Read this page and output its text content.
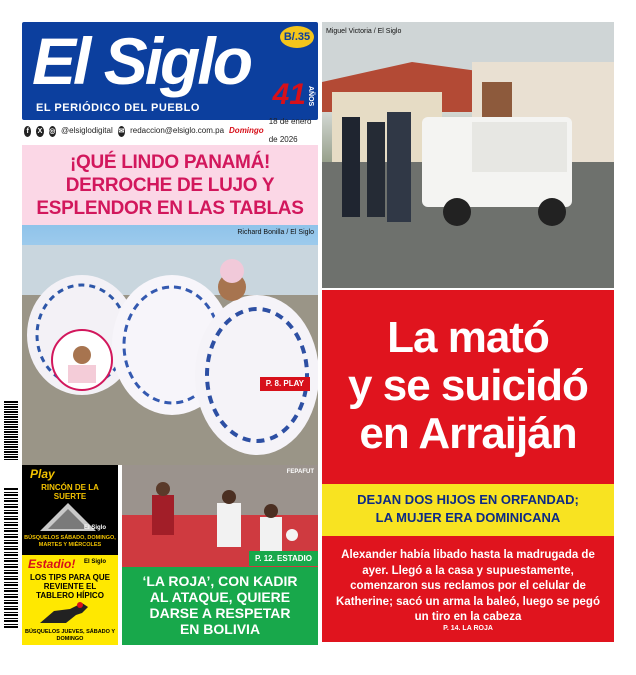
El Siglo	B/.35
41 AÑOS
EL PERIÓDICO DEL PUEBLO
f	X ◎ @elsiglodigital ✉ redaccion@elsiglo.com.pa Domingo
18 de enero de 2026
¡QUÉ LINDO PANAMÁ!
DERROCHE DE LUJO Y
ESPLENDOR EN LAS TABLAS
Richard Bonilla / El Siglo
P. 8. PLAY
Miguel Victoria / El Siglo
La mató
y se suicidó
en Arraiján
DEJAN DOS HIJOS EN ORFANDAD;
LA MUJER ERA DOMINICANA
Alexander había libado hasta la madrugada de ayer. Llegó a la casa y supuestamente, comenzaron sus reclamos por el celular de Katherine; sacó un arma la baleó, luego se pegó un tiro en la cabeza
P. 14. LA ROJA
Play
RINCÓN DE LA SUERTE
El Siglo
BÚSQUELOS SÁBADO, DOMINGO, MARTES Y MIÉRCOLES
Estadio! El Siglo
LOS TIPS PARA QUE REVIENTE EL TABLERO HÍPICO
BÚSQUELOS JUEVES, SÁBADO Y DOMINGO
FEPAFUT
P. 12. ESTADIO
‘LA ROJA’, CON KADIR
AL ATAQUE, QUIERE
DARSE A RESPETAR
EN BOLIVIA
